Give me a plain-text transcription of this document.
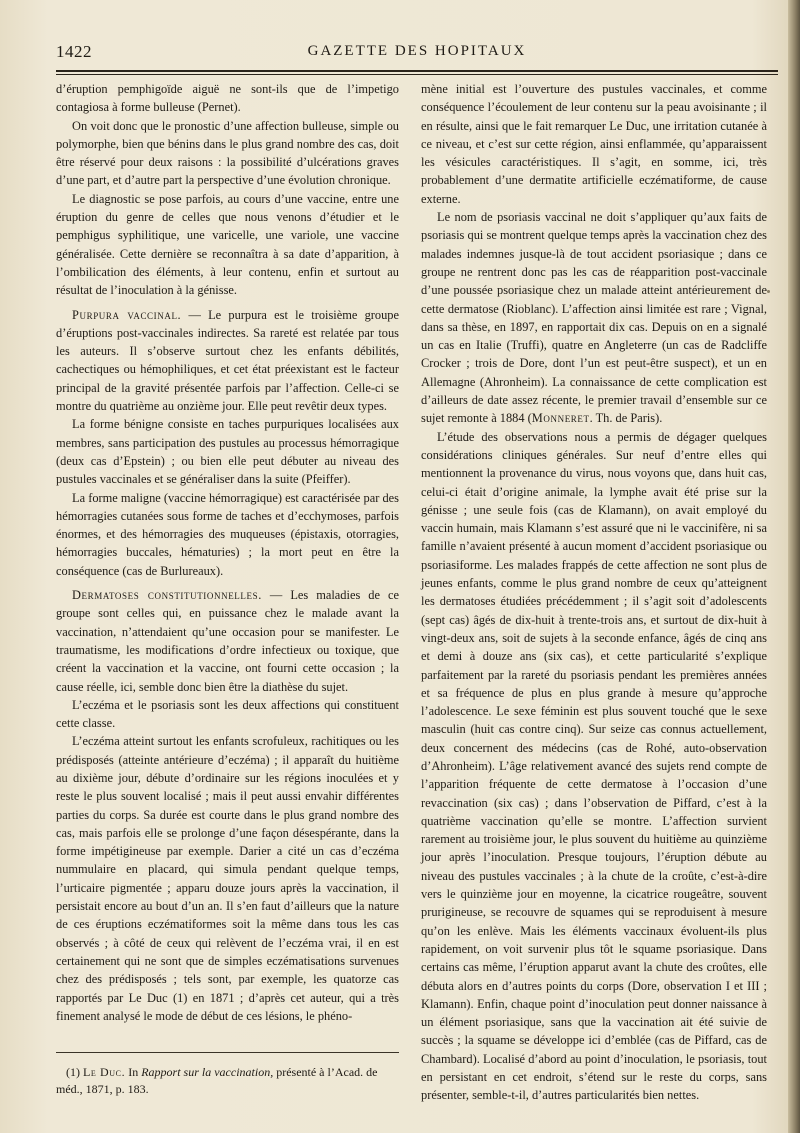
1422	GAZETTE DES HOPITAUX

d’éruption pemphigoïde aiguë ne sont-ils que de l’impetigo contagiosa à forme bulleuse (Pernet).

On voit donc que le pronostic d’une affection bulleuse, simple ou polymorphe, bien que bénins dans le plus grand nombre des cas, doit être réservé pour deux raisons : la possibilité d’ulcérations graves d’une part, et d’autre part la perspective d’une évolution chronique.

Le diagnostic se pose parfois, au cours d’une vaccine, entre une éruption du genre de celles que nous venons d’étudier et le pemphigus syphilitique, une varicelle, une variole, une vaccine généralisée. Cette dernière se reconnaîtra à sa date d’apparition, à l’ombilication des éléments, à leur contenu, enfin et surtout au résultat de l’inoculation à la génisse.

Purpura vaccinal. — Le purpura est le troisième groupe d’éruptions post-vaccinales indirectes. Sa rareté est relatée par tous les auteurs. Il s’observe surtout chez les enfants débilités, cachectiques ou hémophiliques, et cet état préexistant est le facteur principal de la gravité présentée parfois par l’affection. Celle-ci se montre du quatrième au onzième jour. Elle peut revêtir deux types.

La forme bénigne consiste en taches purpuriques localisées aux membres, sans participation des pustules au processus hémorragique (deux cas d’Epstein) ; ou bien elle peut débuter au niveau des pustules vaccinales et se généraliser dans la suite (Pfeiffer).

La forme maligne (vaccine hémorragique) est caractérisée par des hémorragies cutanées sous forme de taches et d’ecchymoses, parfois énormes, et des hémorragies des muqueuses (épistaxis, otorragies, hémorragies buccales, hématuries) ; la mort peut en être la conséquence (cas de Burlureaux).

Dermatoses constitutionnelles. — Les maladies de ce groupe sont celles qui, en puissance chez le malade avant la vaccination, n’attendaient qu’une occasion pour se manifester. Le traumatisme, les modifications d’ordre infectieux ou toxique, que créent la vaccination et la vaccine, ont fourni cette occasion ; la cause réelle, ici, semble donc bien être la diathèse du sujet.

L’eczéma et le psoriasis sont les deux affections qui constituent cette classe.

L’eczéma atteint surtout les enfants scrofuleux, rachitiques ou les prédisposés (atteinte antérieure d’eczéma) ; il apparaît du huitième au dixième jour, débute d’ordinaire sur les régions inoculées et y reste le plus souvent localisé ; mais il peut aussi envahir différentes parties du corps. Sa durée est courte dans le plus grand nombre des cas, mais parfois elle se prolonge d’une façon désespérante, dans la forme impétigineuse par exemple. Darier a cité un cas d’eczéma nummulaire en placard, qui simula pendant quelque temps, l’urticaire pigmentée ; apparu douze jours après la vaccination, il persistait encore au bout d’un an. Il s’en faut d’ailleurs que la nature de ces éruptions eczématiformes soit la même dans tous les cas observés ; à côté de ceux qui relèvent de l’eczéma vrai, il en est certainement qui ne sont que de simples eczématisations survenues chez des prédisposés ; tels sont, par exemple, les quatorze cas rapportés par Le Duc (1) en 1871 ; d’après cet auteur, qui a très finement analysé le mode de début de ces lésions, le phéno-

(1) Le Duc. In Rapport sur la vaccination, présenté à l’Acad. de méd., 1871, p. 183.

mène initial est l’ouverture des pustules vaccinales, et comme conséquence l’écoulement de leur contenu sur la peau avoisinante ; il en résulte, ainsi que le fait remarquer Le Duc, une irritation cutanée à ce niveau, et c’est sur cette région, ainsi enflammée, qu’apparaissent les vésicules caractéristiques. Il s’agit, en somme, ici, très probablement d’une dermatite artificielle eczématiforme, de cause externe.

Le nom de psoriasis vaccinal ne doit s’appliquer qu’aux faits de psoriasis qui se montrent quelque temps après la vaccination chez des malades indemnes jusque-là de tout accident psoriasique ; dans ce groupe ne rentrent donc pas les cas de réapparition post-vaccinale d’une poussée psoriasique chez un malade atteint antérieurement de cette dermatose (Rioblanc). L’affection ainsi limitée est rare ; Vignal, dans sa thèse, en 1897, en rapportait dix cas. Depuis on en a signalé un cas en Italie (Truffi), quatre en Angleterre (un cas de Radcliffe Crocker ; trois de Dore, dont l’un est peut-être suspect), et un en Allemagne (Ahronheim). La connaissance de cette complication est d’ailleurs de date assez récente, le premier travail d’ensemble sur ce sujet remonte à 1884 (Monneret. Th. de Paris).

L’étude des observations nous a permis de dégager quelques considérations cliniques générales. Sur neuf d’entre elles qui mentionnent la provenance du virus, nous voyons que, dans huit cas, celui-ci était d’origine animale, la lymphe avait été prise sur la génisse ; une seule fois (cas de Klamann), on avait employé du vaccin humain, mais Klamann s’est assuré que ni le vaccinifère, ni sa famille n’avaient présenté à aucun moment d’accident psoriasique ou psoriasiforme. Les malades frappés de cette affection ne sont plus de jeunes enfants, comme le plus grand nombre de ceux qu’atteignent les dermatoses étudiées précédemment ; il s’agit soit d’adolescents (sept cas) âgés de dix-huit à trente-trois ans, et surtout de dix-huit à vingt-deux ans, soit de sujets à la seconde enfance, âgés de cinq ans et demi à douze ans (six cas), et cette particularité s’explique parfaitement par la rareté du psoriasis pendant les premières années et sa fréquence de plus en plus grande à mesure qu’approche l’adolescence. Le sexe féminin est plus souvent touché que le sexe masculin (huit cas contre cinq). Sur seize cas connus actuellement, deux concernent des médecins (cas de Rohé, auto-observation d’Ahronheim). L’âge relativement avancé des sujets rend compte de l’apparition fréquente de cette dermatose à l’occasion d’une revaccination (six cas) ; dans l’observation de Piffard, c’est à la quatrième vaccination qu’elle se montre. L’affection survient rarement au troisième jour, le plus souvent du huitième au quinzième jour après l’inoculation. Presque toujours, l’éruption débute au niveau des pustules vaccinales ; à la chute de la croûte, c’est-à-dire vers le quinzième jour en moyenne, la cicatrice rougeâtre, souvent prurigineuse, se recouvre de squames qui se reproduisent à mesure qu’on les enlève. Mais les éléments vaccinaux évoluent-ils plus rapidement, on voit survenir plus tôt le squame psoriasique. Dans certains cas même, l’éruption apparut avant la chute des croûtes, elle débuta alors en d’autres points du corps (Dore, observation I et III ; Klamann). Enfin, chaque point d’inoculation peut donner naissance à un élément psoriasique, sans que la vaccination ait été suivie de succès ; la squame se développe ici d’emblée (cas de Piffard, cas de Chambard). Localisé d’abord au point d’inoculation, le psoriasis, tout en persistant en cet endroit, s’étend sur le reste du corps, sans présenter, semble-t-il, d’autres particularités bien nettes.
